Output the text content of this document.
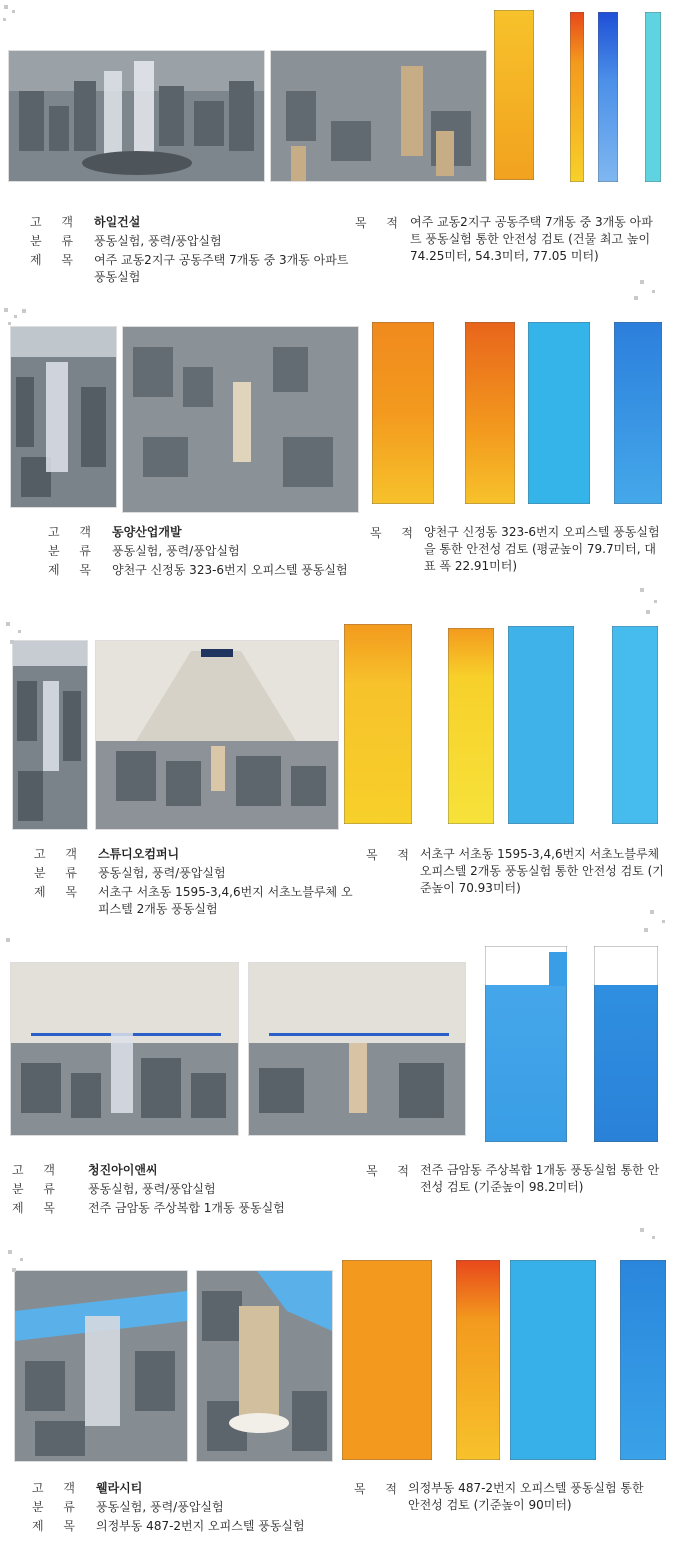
고 객	하일건설
분 류	풍동실험, 풍력/풍압실험
제 목	여주 교동2지구 공동주택 7개동 중 3개동 아파트 풍동실험
목 적 여주 교동2지구 공동주택 7개동 중 3개동 아파트 풍동실험 통한 안전성 검토 (건물 최고 높이 74.25미터, 54.3미터, 77.05 미터)
고 객	동양산업개발
분 류	풍동실험, 풍력/풍압실험
제 목	양천구 신정동 323-6번지 오피스텔 풍동실험
목 적 양천구 신정동 323-6번지 오피스텔 풍동실험을 통한 안전성 검토 (평균높이 79.7미터, 대표 폭 22.91미터)
고 객	스튜디오컴퍼니
분 류	풍동실험, 풍력/풍압실험
제 목	서초구 서초동 1595-3,4,6번지 서초노블루체 오피스텔 2개동 풍동실험
목 적 서초구 서초동 1595-3,4,6번지 서초노블루체 오피스텔 2개동 풍동실험 통한 안전성 검토 (기준높이 70.93미터)
고 객	청진아이앤씨
분 류	풍동실험, 풍력/풍압실험
제 목	전주 금암동 주상복합 1개동 풍동실험
목 적 전주 금암동 주상복합 1개동 풍동실험 통한 안전성 검토 (기준높이 98.2미터)
고 객	웰라시티
분 류	풍동실험, 풍력/풍압실험
제 목	의정부동 487-2번지 오피스텔 풍동실험
목 적 의정부동 487-2번지 오피스텔 풍동실험 통한 안전성 검토 (기준높이 90미터)
